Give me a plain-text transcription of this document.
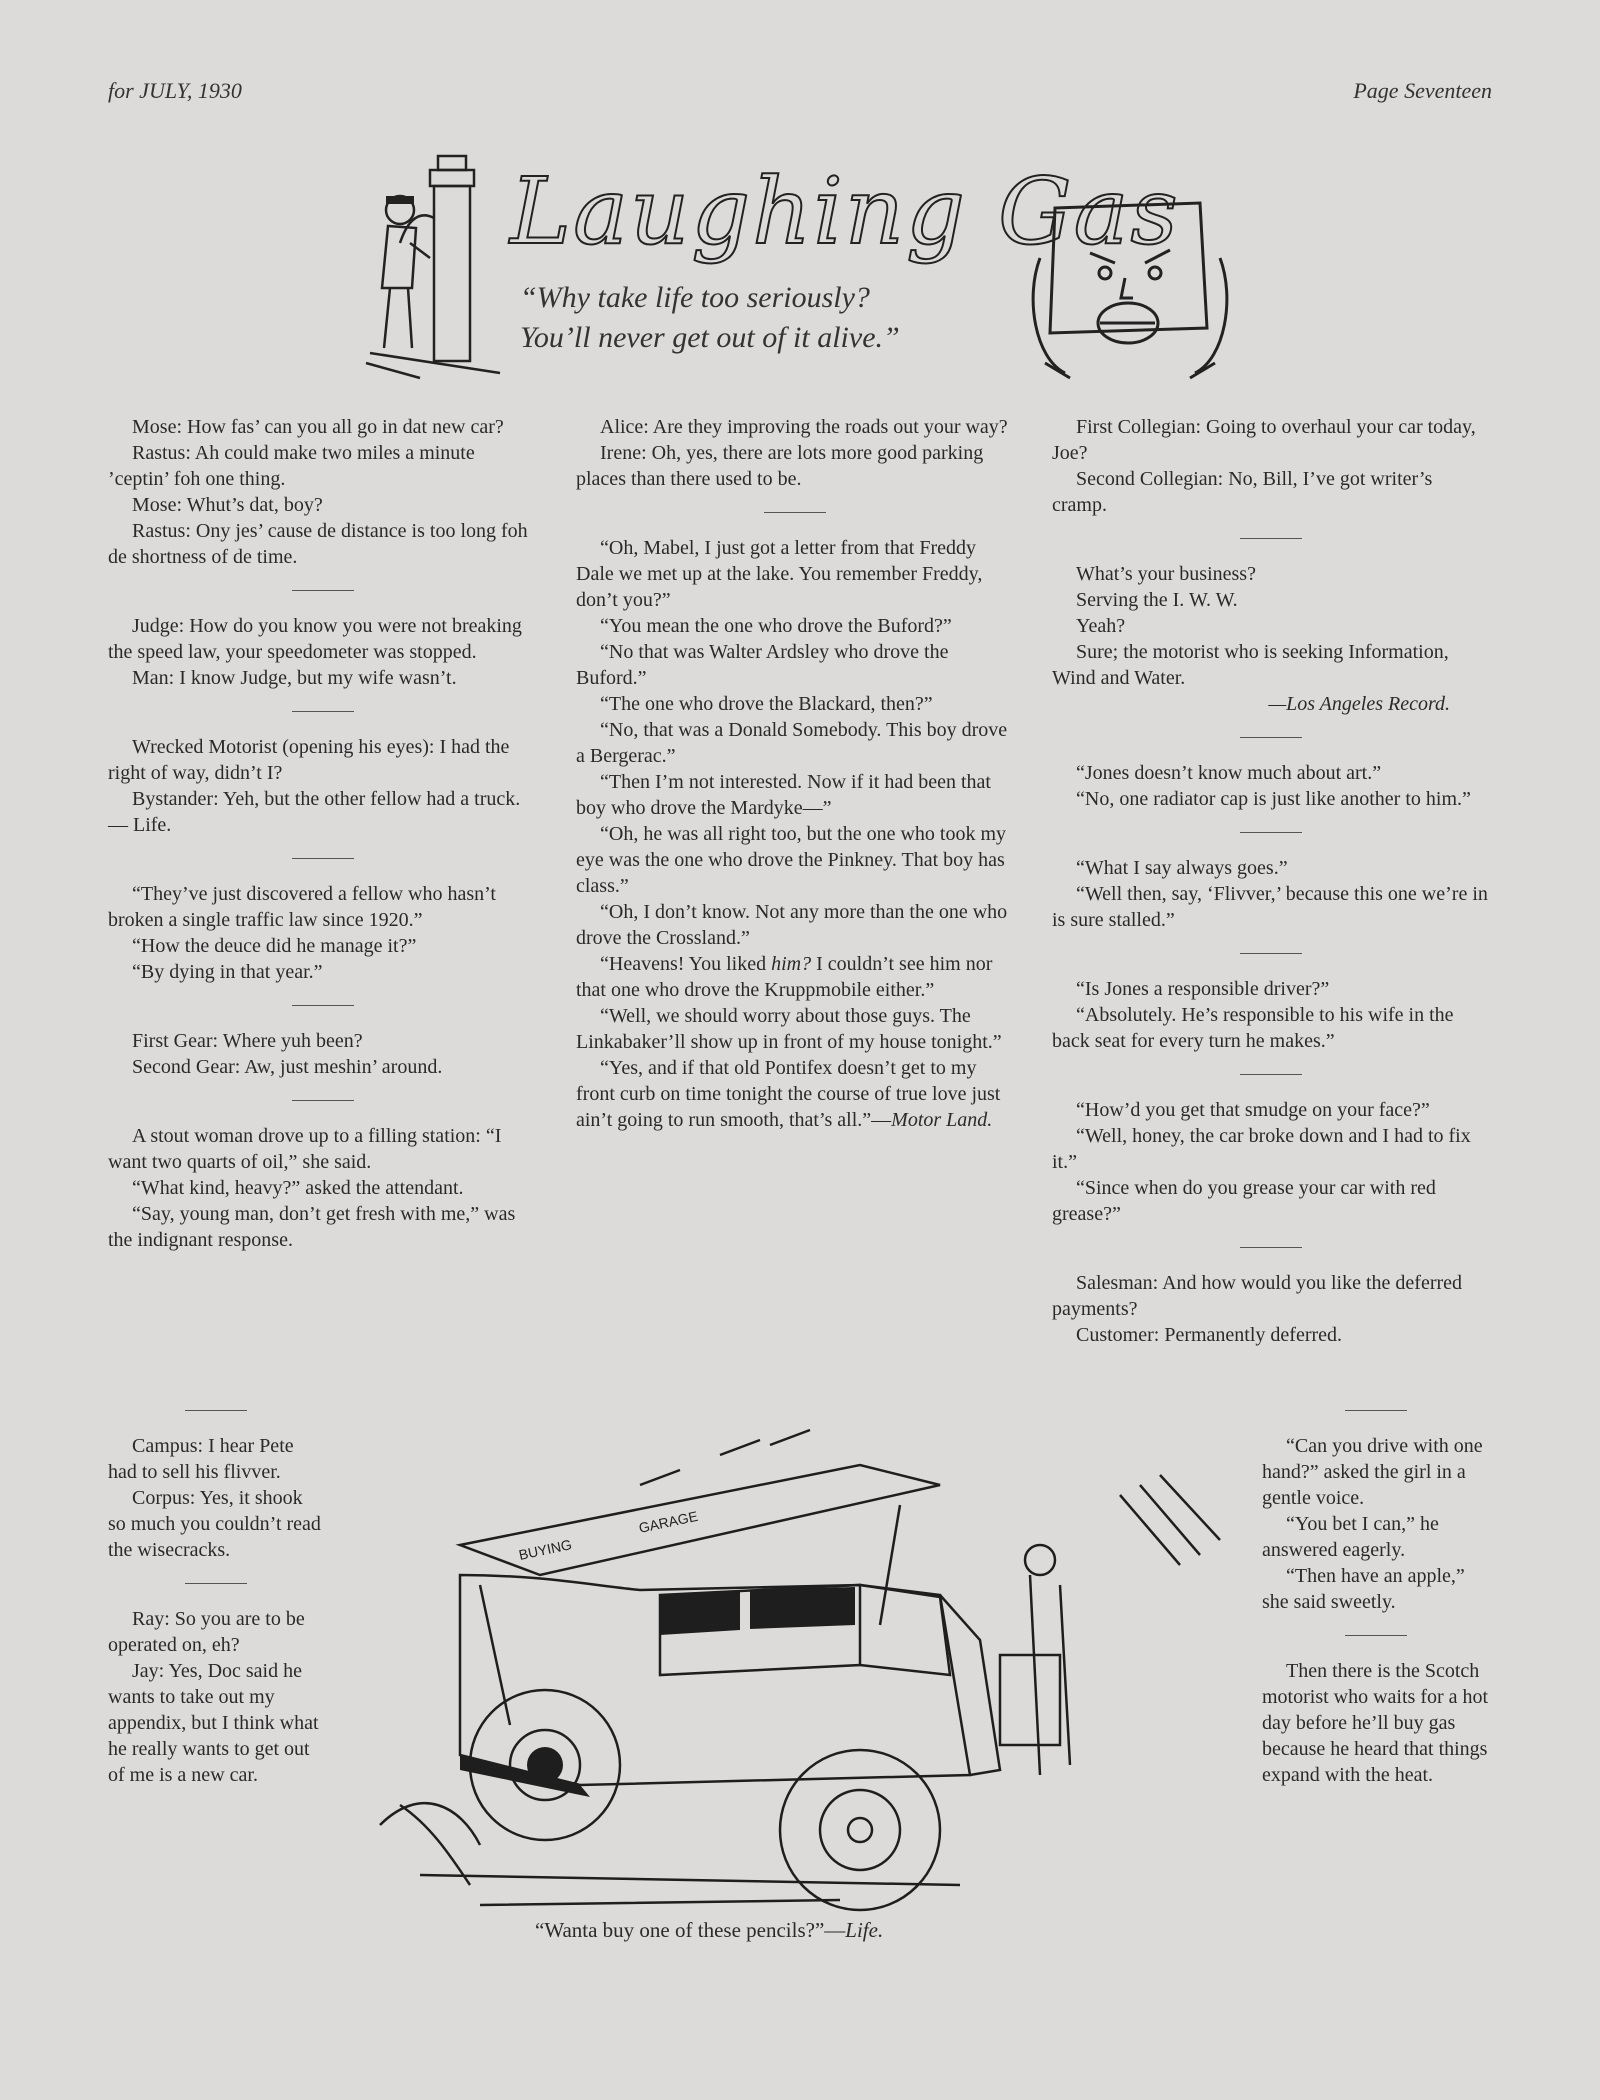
for JULY, 1930	Page Seventeen
Laughing Gas
“Why take life too seriously?
You’ll never get out of it alive.”

Mose: How fas’ can you all go in dat new car?

Rastus: Ah could make two miles a minute ’ceptin’ foh one thing.

Mose: Whut’s dat, boy?

Rastus: Ony jes’ cause de distance is too long foh de shortness of de time.

Judge: How do you know you were not breaking the speed law, your speedometer was stopped.

Man: I know Judge, but my wife wasn’t.

Wrecked Motorist (opening his eyes): I had the right of way, didn’t I?

Bystander: Yeh, but the other fellow had a truck.— Life.

“They’ve just discovered a fellow who hasn’t broken a single traffic law since 1920.”

“How the deuce did he manage it?”

“By dying in that year.”

First Gear: Where yuh been?

Second Gear: Aw, just meshin’ around.

A stout woman drove up to a filling station: “I want two quarts of oil,” she said.

“What kind, heavy?” asked the attendant.

“Say, young man, don’t get fresh with me,” was the indignant response.

Alice: Are they improving the roads out your way?

Irene: Oh, yes, there are lots more good parking places than there used to be.

“Oh, Mabel, I just got a letter from that Freddy Dale we met up at the lake. You remember Freddy, don’t you?”

“You mean the one who drove the Buford?”

“No that was Walter Ardsley who drove the Buford.”

“The one who drove the Blackard, then?”

“No, that was a Donald Somebody. This boy drove a Bergerac.”

“Then I’m not interested. Now if it had been that boy who drove the Mardyke—”

“Oh, he was all right too, but the one who took my eye was the one who drove the Pinkney. That boy has class.”

“Oh, I don’t know. Not any more than the one who drove the Crossland.”

“Heavens! You liked him? I couldn’t see him nor that one who drove the Kruppmobile either.”

“Well, we should worry about those guys. The Linkabaker’ll show up in front of my house tonight.”

“Yes, and if that old Pontifex doesn’t get to my front curb on time tonight the course of true love just ain’t going to run smooth, that’s all.”—Motor Land.

First Collegian: Going to overhaul your car today, Joe?

Second Collegian: No, Bill, I’ve got writer’s cramp.

What’s your business?

Serving the I. W. W.

Yeah?

Sure; the motorist who is seeking Information, Wind and Water.

—Los Angeles Record.

“Jones doesn’t know much about art.”

“No, one radiator cap is just like another to him.”

“What I say always goes.”

“Well then, say, ‘Flivver,’ because this one we’re in is sure stalled.”

“Is Jones a responsible driver?”

“Absolutely. He’s responsible to his wife in the back seat for every turn he makes.”

“How’d you get that smudge on your face?”

“Well, honey, the car broke down and I had to fix it.”

“Since when do you grease your car with red grease?”

Salesman: And how would you like the deferred payments?

Customer: Permanently deferred.

Campus: I hear Pete had to sell his flivver.

Corpus: Yes, it shook so much you couldn’t read the wisecracks.

Ray: So you are to be operated on, eh?

Jay: Yes, Doc said he wants to take out my appendix, but I think what he really wants to get out of me is a new car.

“Can you drive with one hand?” asked the girl in a gentle voice.

“You bet I can,” he answered eagerly.

“Then have an apple,” she said sweetly.

Then there is the Scotch motorist who waits for a hot day before he’ll buy gas because he heard that things expand with the heat.

BUYING
GARAGE
“Wanta buy one of these pencils?”—Life.
